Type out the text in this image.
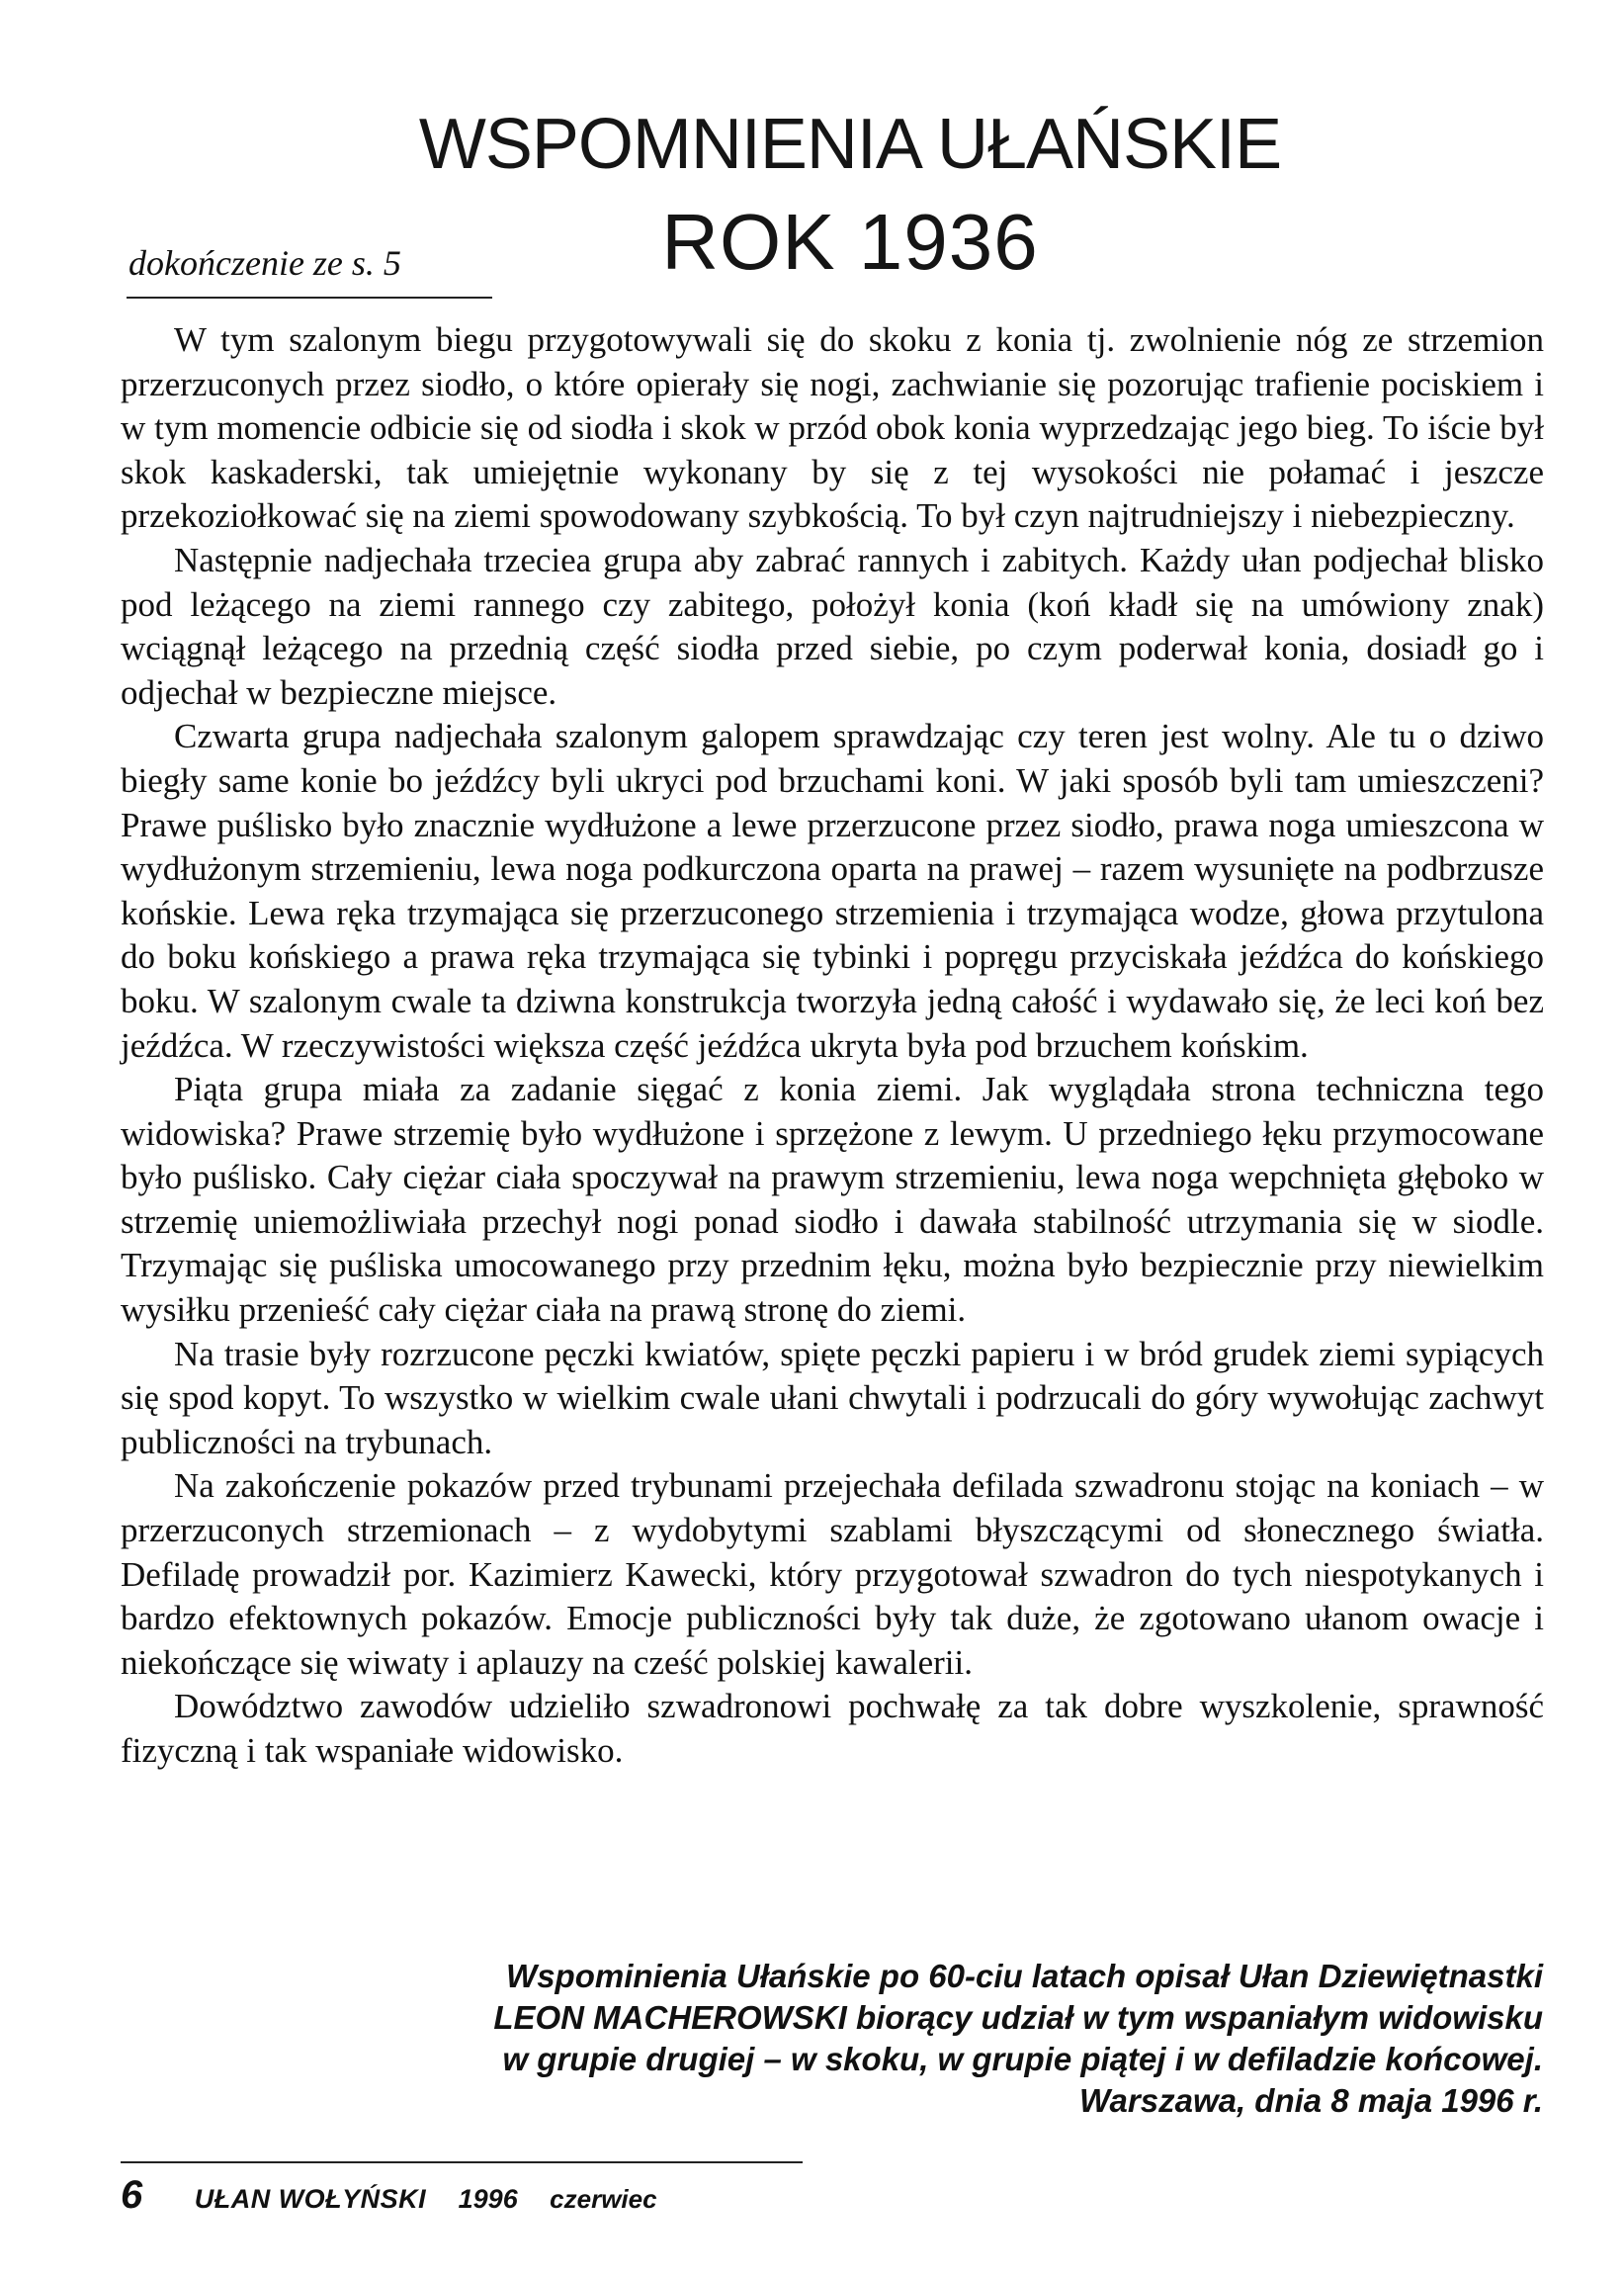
WSPOMNIENIA UŁAŃSKIE
dokończenie ze s. 5	ROK 1936

W tym szalonym biegu przygotowywali się do skoku z konia tj. zwolnienie nóg ze strzemion przerzuconych przez siodło, o które opierały się nogi, zachwianie się pozorując trafienie pociskiem i w tym momencie odbicie się od siodła i skok w przód obok konia wyprzedzając jego bieg. To iście był skok kaskaderski, tak umiejętnie wykonany by się z tej wysokości nie połamać i jeszcze przekoziołkować się na ziemi spowodowany szybkością. To był czyn najtrudniejszy i niebezpieczny.

Następnie nadjechała trzeciea grupa aby zabrać rannych i zabitych. Każdy ułan podjechał blisko pod leżącego na ziemi rannego czy zabitego, położył konia (koń kładł się na umówiony znak) wciągnął leżącego na przednią część siodła przed siebie, po czym poderwał konia, dosiadł go i odjechał w bezpieczne miejsce.

Czwarta grupa nadjechała szalonym galopem sprawdzając czy teren jest wolny. Ale tu o dziwo biegły same konie bo jeźdźcy byli ukryci pod brzuchami koni. W jaki sposób byli tam umieszczeni? Prawe puślisko było znacznie wydłużone a lewe przerzucone przez siodło, prawa noga umieszcona w wydłużonym strzemieniu, lewa noga podkurczona oparta na prawej – razem wysunięte na podbrzusze końskie. Lewa ręka trzymająca się przerzuconego strzemienia i trzymająca wodze, głowa przytulona do boku końskiego a prawa ręka trzymająca się tybinki i popręgu przyciskała jeźdźca do końskiego boku. W szalonym cwale ta dziwna konstrukcja tworzyła jedną całość i wydawało się, że leci koń bez jeźdźca. W rzeczywistości większa część jeźdźca ukryta była pod brzuchem końskim.

Piąta grupa miała za zadanie sięgać z konia ziemi. Jak wyglądała strona techniczna tego widowiska? Prawe strzemię było wydłużone i sprzężone z lewym. U przedniego łęku przymocowane było puślisko. Cały ciężar ciała spoczywał na prawym strzemieniu, lewa noga wepchnięta głęboko w strzemię uniemożliwiała przechył nogi ponad siodło i dawała stabilność utrzymania się w siodle. Trzymając się puśliska umocowanego przy przednim łęku, można było bezpiecznie przy niewielkim wysiłku przenieść cały ciężar ciała na prawą stronę do ziemi.

Na trasie były rozrzucone pęczki kwiatów, spięte pęczki papieru i w bród grudek ziemi sypiących się spod kopyt. To wszystko w wielkim cwale ułani chwytali i podrzucali do góry wywołując zachwyt publiczności na trybunach.

Na zakończenie pokazów przed trybunami przejechała defilada szwadronu stojąc na koniach – w przerzuconych strzemionach – z wydobytymi szablami błyszczącymi od słonecznego światła. Defiladę prowadził por. Kazimierz Kawecki, który przygotował szwadron do tych niespotykanych i bardzo efektownych pokazów. Emocje publiczności były tak duże, że zgotowano ułanom owacje i niekończące się wiwaty i aplauzy na cześć polskiej kawalerii.

Dowództwo zawodów udzieliło szwadronowi pochwałę za tak dobre wyszkolenie, sprawność fizyczną i tak wspaniałe widowisko.

Wspominienia Ułańskie po 60-ciu latach opisał Ułan Dziewiętnastki
LEON MACHEROWSKI biorący udział w tym wspaniałym widowisku
w grupie drugiej – w skoku, w grupie piątej i w defiladzie końcowej.
Warszawa, dnia 8 maja 1996 r.
6 UŁAN WOŁYŃSKI 1996 czerwiec
